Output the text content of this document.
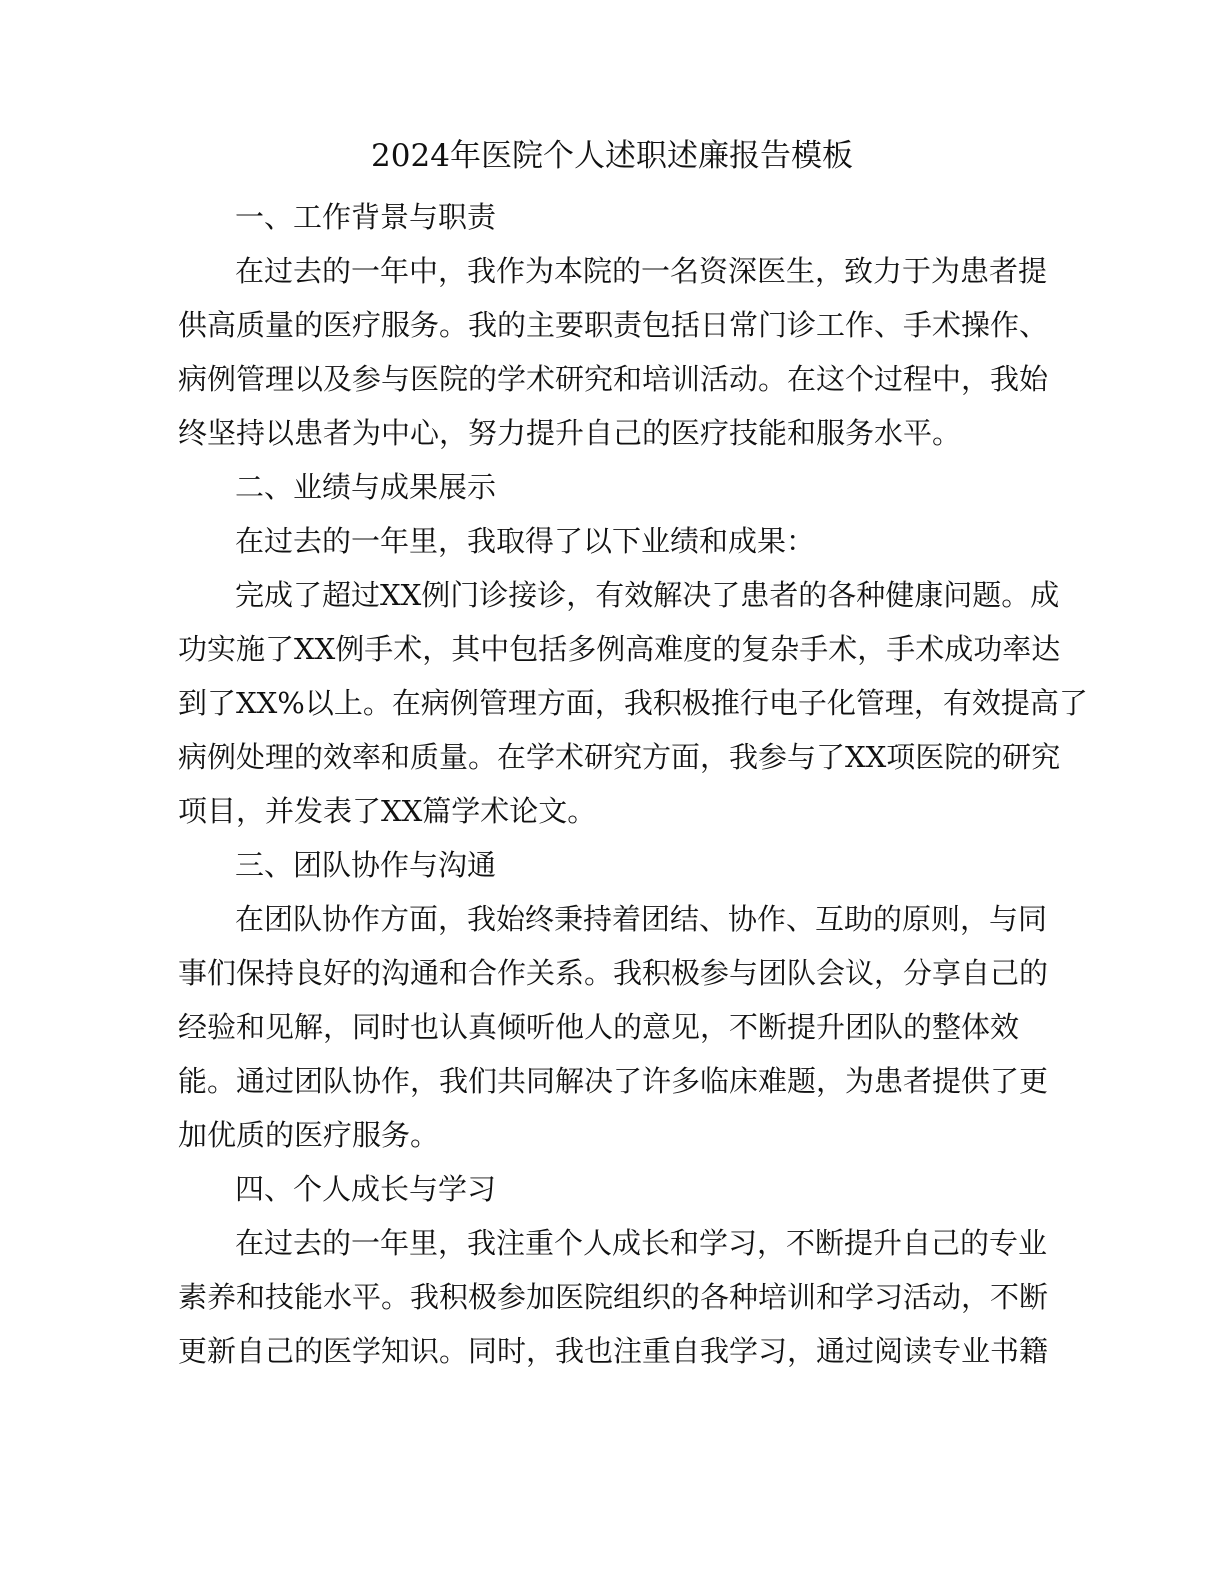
2024年医院个人述职述廉报告模板
一、工作背景与职责
在过去的一年中，我作为本院的一名资深医生，致力于为患者提
供高质量的医疗服务。我的主要职责包括日常门诊工作、手术操作、
病例管理以及参与医院的学术研究和培训活动。在这个过程中，我始
终坚持以患者为中心，努力提升自己的医疗技能和服务水平。
二、业绩与成果展示
在过去的一年里，我取得了以下业绩和成果：
完成了超过XX例门诊接诊，有效解决了患者的各种健康问题。成
功实施了XX例手术，其中包括多例高难度的复杂手术，手术成功率达
到了XX%以上。在病例管理方面，我积极推行电子化管理，有效提高了
病例处理的效率和质量。在学术研究方面，我参与了XX项医院的研究
项目，并发表了XX篇学术论文。
三、团队协作与沟通
在团队协作方面，我始终秉持着团结、协作、互助的原则，与同
事们保持良好的沟通和合作关系。我积极参与团队会议，分享自己的
经验和见解，同时也认真倾听他人的意见，不断提升团队的整体效
能。通过团队协作，我们共同解决了许多临床难题，为患者提供了更
加优质的医疗服务。
四、个人成长与学习
在过去的一年里，我注重个人成长和学习，不断提升自己的专业
素养和技能水平。我积极参加医院组织的各种培训和学习活动，不断
更新自己的医学知识。同时，我也注重自我学习，通过阅读专业书籍
